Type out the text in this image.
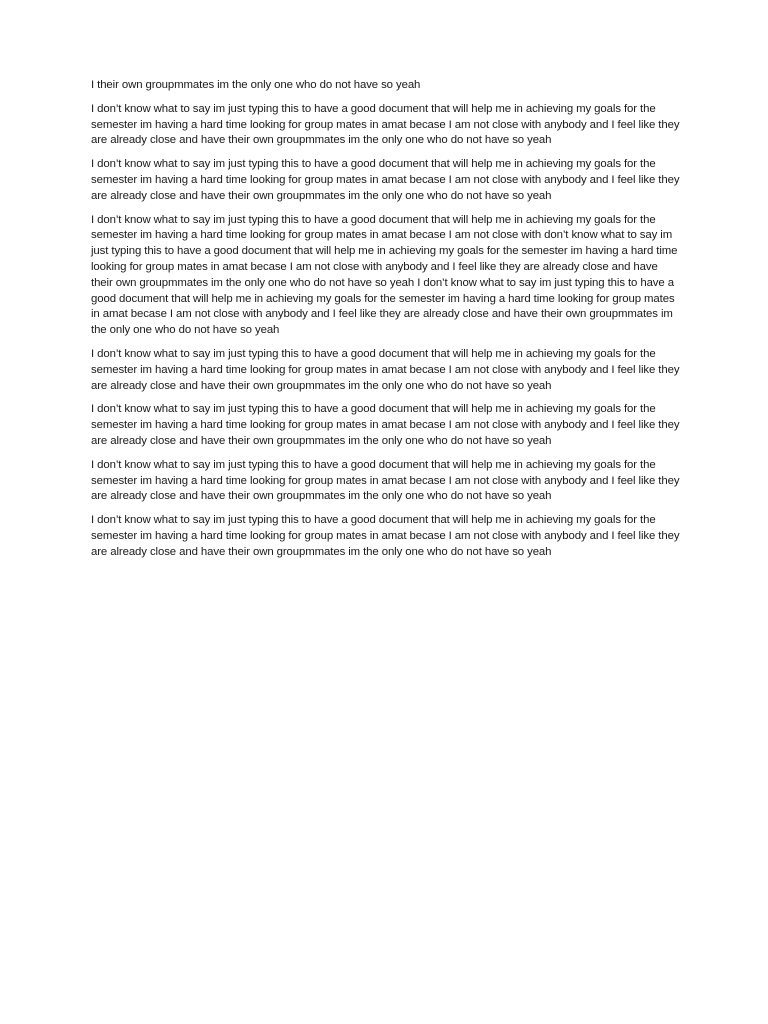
I their own groupmmates im the only one who do not have so yeah

I don’t know what to say im just typing this to have a good document that will help me in achieving my goals for the semester im having a hard time looking for group mates in amat becase I am not close with anybody and I feel like they are already close and have their own groupmmates im the only one who do not have so yeah

I don’t know what to say im just typing this to have a good document that will help me in achieving my goals for the semester im having a hard time looking for group mates in amat becase I am not close with anybody and I feel like they are already close and have their own groupmmates im the only one who do not have so yeah

I don’t know what to say im just typing this to have a good document that will help me in achieving my goals for the semester im having a hard time looking for group mates in amat becase I am not close with don’t know what to say im just typing this to have a good document that will help me in achieving my goals for the semester im having a hard time looking for group mates in amat becase I am not close with anybody and I feel like they are already close and have their own groupmmates im the only one who do not have so yeah I don’t know what to say im just typing this to have a good document that will help me in achieving my goals for the semester im having a hard time looking for group mates in amat becase I am not close with anybody and I feel like they are already close and have their own groupmmates im the only one who do not have so yeah

I don’t know what to say im just typing this to have a good document that will help me in achieving my goals for the semester im having a hard time looking for group mates in amat becase I am not close with anybody and I feel like they are already close and have their own groupmmates im the only one who do not have so yeah

I don’t know what to say im just typing this to have a good document that will help me in achieving my goals for the semester im having a hard time looking for group mates in amat becase I am not close with anybody and I feel like they are already close and have their own groupmmates im the only one who do not have so yeah

I don’t know what to say im just typing this to have a good document that will help me in achieving my goals for the semester im having a hard time looking for group mates in amat becase I am not close with anybody and I feel like they are already close and have their own groupmmates im the only one who do not have so yeah

I don’t know what to say im just typing this to have a good document that will help me in achieving my goals for the semester im having a hard time looking for group mates in amat becase I am not close with anybody and I feel like they are already close and have their own groupmmates im the only one who do not have so yeah
